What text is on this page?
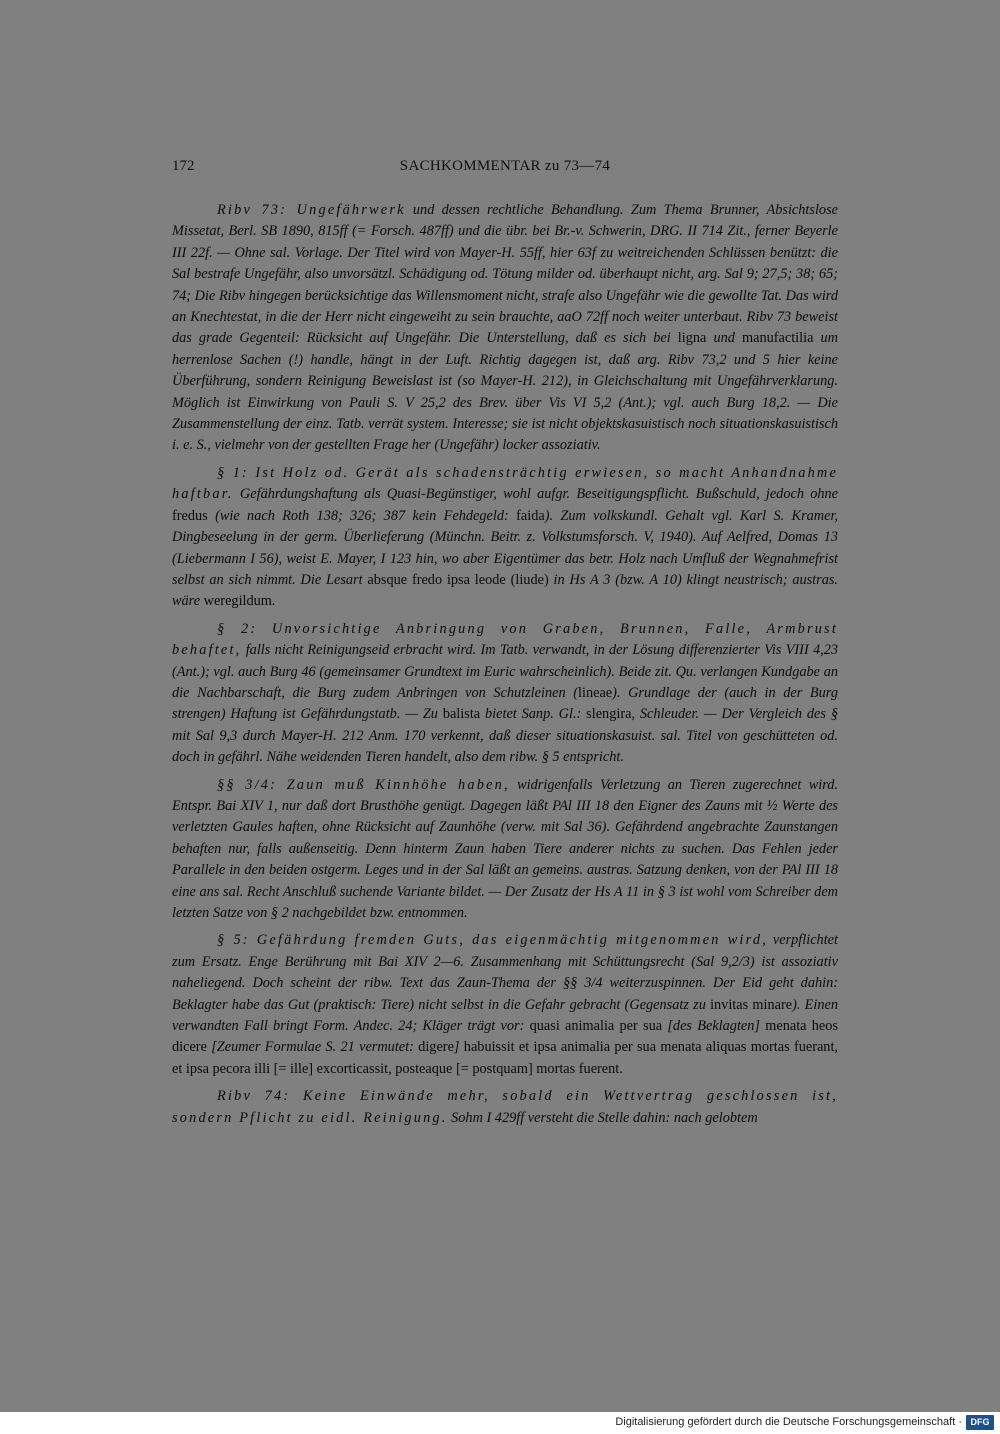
172	SACHKOMMENTAR zu 73—74

Ribv 73: Ungefährwerk und dessen rechtliche Behandlung. Zum Thema Brunner, Absichtslose Missetat, Berl. SB 1890, 815ff (= Forsch. 487ff) und die übr. bei Br.-v. Schwerin, DRG. II 714 Zit., ferner Beyerle III 22f. — Ohne sal. Vorlage. Der Titel wird von Mayer-H. 55ff, hier 63f zu weitreichenden Schlüssen benützt: die Sal bestrafe Ungefähr, also unvorsätzl. Schädigung od. Tötung milder od. überhaupt nicht, arg. Sal 9; 27,5; 38; 65; 74; Die Ribv hingegen berücksichtige das Willensmoment nicht, strafe also Ungefähr wie die gewollte Tat. Das wird an Knechtestat, in die der Herr nicht eingeweiht zu sein brauchte, aaO 72ff noch weiter unterbaut. Ribv 73 beweist das grade Gegenteil: Rücksicht auf Ungefähr. Die Unterstellung, daß es sich bei ligna und manufactilia um herrenlose Sachen (!) handle, hängt in der Luft. Richtig dagegen ist, daß arg. Ribv 73,2 und 5 hier keine Überführung, sondern Reinigung Beweislast ist (so Mayer-H. 212), in Gleichschaltung mit Ungefährverklarung. Möglich ist Einwirkung von Pauli S. V 25,2 des Brev. über Vis VI 5,2 (Ant.); vgl. auch Burg 18,2. — Die Zusammenstellung der einz. Tatb. verrät system. Interesse; sie ist nicht objektskasuistisch noch situationskasuistisch i. e. S., vielmehr von der gestellten Frage her (Ungefähr) locker assoziativ.

§ 1: Ist Holz od. Gerät als schadensträchtig erwiesen, so macht Anhandnahme haftbar. Gefährdungshaftung als Quasi-Begünstiger, wohl aufgr. Beseitigungspflicht. Bußschuld, jedoch ohne fredus (wie nach Roth 138; 326; 387 kein Fehdegeld: faida). Zum volkskundl. Gehalt vgl. Karl S. Kramer, Dingbeseelung in der germ. Überlieferung (Münchn. Beitr. z. Volkstumsforsch. V, 1940). Auf Aelfred, Domas 13 (Liebermann I 56), weist E. Mayer, I 123 hin, wo aber Eigentümer das betr. Holz nach Umfluß der Wegnahmefrist selbst an sich nimmt. Die Lesart absque fredo ipsa leode (liude) in Hs A 3 (bzw. A 10) klingt neustrisch; austras. wäre weregildum.

§ 2: Unvorsichtige Anbringung von Graben, Brunnen, Falle, Armbrust behaftet, falls nicht Reinigungseid erbracht wird. Im Tatb. verwandt, in der Lösung differenzierter Vis VIII 4,23 (Ant.); vgl. auch Burg 46 (gemeinsamer Grundtext im Euric wahrscheinlich). Beide zit. Qu. verlangen Kundgabe an die Nachbarschaft, die Burg zudem Anbringen von Schutzleinen (lineae). Grundlage der (auch in der Burg strengen) Haftung ist Gefährdungstatb. — Zu balista bietet Sanp. Gl.: slengira, Schleuder. — Der Vergleich des § mit Sal 9,3 durch Mayer-H. 212 Anm. 170 verkennt, daß dieser situationskasuist. sal. Titel von geschütteten od. doch in gefährl. Nähe weidenden Tieren handelt, also dem ribw. § 5 entspricht.

§§ 3/4: Zaun muß Kinnhöhe haben, widrigenfalls Verletzung an Tieren zugerechnet wird. Entspr. Bai XIV 1, nur daß dort Brusthöhe genügt. Dagegen läßt PAl III 18 den Eigner des Zauns mit ½ Werte des verletzten Gaules haften, ohne Rücksicht auf Zaunhöhe (verw. mit Sal 36). Gefährdend angebrachte Zaunstangen behaften nur, falls außenseitig. Denn hinterm Zaun haben Tiere anderer nichts zu suchen. Das Fehlen jeder Parallele in den beiden ostgerm. Leges und in der Sal läßt an gemeins. austras. Satzung denken, von der PAl III 18 eine ans sal. Recht Anschluß suchende Variante bildet. — Der Zusatz der Hs A 11 in § 3 ist wohl vom Schreiber dem letzten Satze von § 2 nachgebildet bzw. entnommen.

§ 5: Gefährdung fremden Guts, das eigenmächtig mitgenommen wird, verpflichtet zum Ersatz. Enge Berührung mit Bai XIV 2—6. Zusammenhang mit Schüttungsrecht (Sal 9,2/3) ist assoziativ naheliegend. Doch scheint der ribw. Text das Zaun-Thema der §§ 3/4 weiterzuspinnen. Der Eid geht dahin: Beklagter habe das Gut (praktisch: Tiere) nicht selbst in die Gefahr gebracht (Gegensatz zu invitas minare). Einen verwandten Fall bringt Form. Andec. 24; Kläger trägt vor: quasi animalia per sua [des Beklagten] menata heos dicere [Zeumer Formulae S. 21 vermutet: digere] habuissit et ipsa animalia per sua menata aliquas mortas fuerant, et ipsa pecora illi [= ille] excorticassit, posteaque [= postquam] mortas fuerent.

Ribv 74: Keine Einwände mehr, sobald ein Wettvertrag geschlossen ist, sondern Pflicht zu eidl. Reinigung. Sohm I 429ff versteht die Stelle dahin: nach gelobtem

Digitalisierung gefördert durch die Deutsche Forschungsgemeinschaft · DFG
